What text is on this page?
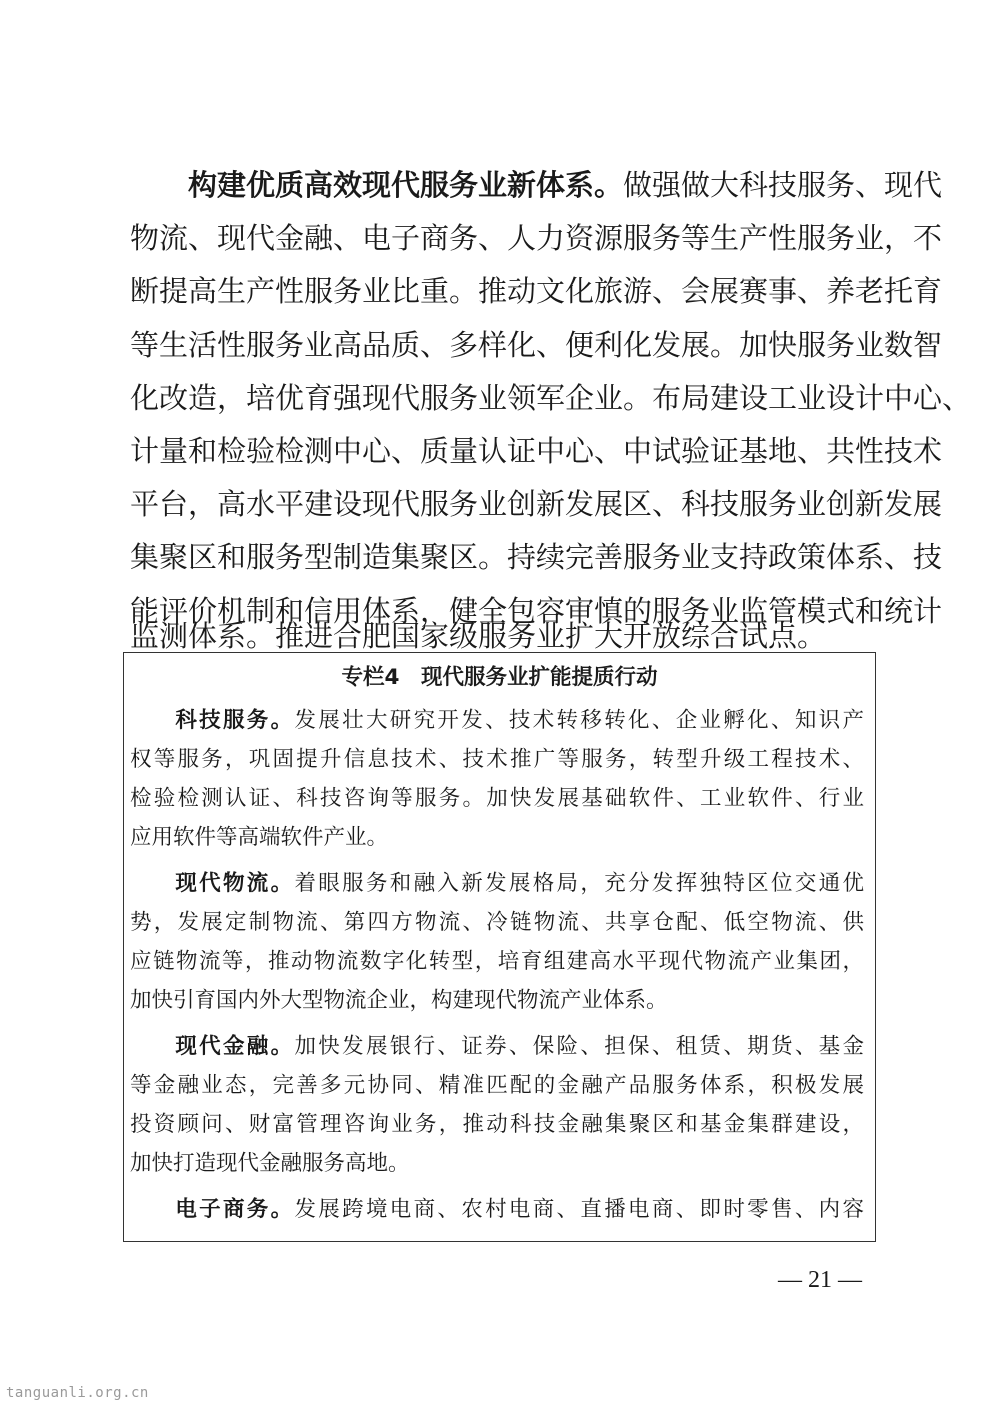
构建优质高效现代服务业新体系。做强做大科技服务、现代
物流、现代金融、电子商务、人力资源服务等生产性服务业，不
断提高生产性服务业比重。推动文化旅游、会展赛事、养老托育
等生活性服务业高品质、多样化、便利化发展。加快服务业数智
化改造，培优育强现代服务业领军企业。布局建设工业设计中心、
计量和检验检测中心、质量认证中心、中试验证基地、共性技术
平台，高水平建设现代服务业创新发展区、科技服务业创新发展
集聚区和服务型制造集聚区。持续完善服务业支持政策体系、技
能评价机制和信用体系，健全包容审慎的服务业监管模式和统计
监测体系。推进合肥国家级服务业扩大开放综合试点。
专栏4　现代服务业扩能提质行动
科技服务。发展壮大研究开发、技术转移转化、企业孵化、知识产
权等服务，巩固提升信息技术、技术推广等服务，转型升级工程技术、
检验检测认证、科技咨询等服务。加快发展基础软件、工业软件、行业
应用软件等高端软件产业。
现代物流。着眼服务和融入新发展格局，充分发挥独特区位交通优
势，发展定制物流、第四方物流、冷链物流、共享仓配、低空物流、供
应链物流等，推动物流数字化转型，培育组建高水平现代物流产业集团，
加快引育国内外大型物流企业，构建现代物流产业体系。
现代金融。加快发展银行、证券、保险、担保、租赁、期货、基金
等金融业态，完善多元协同、精准匹配的金融产品服务体系，积极发展
投资顾问、财富管理咨询业务，推动科技金融集聚区和基金集群建设，
加快打造现代金融服务高地。
电子商务。发展跨境电商、农村电商、直播电商、即时零售、内容
— 21 —
tanguanli.org.cn
